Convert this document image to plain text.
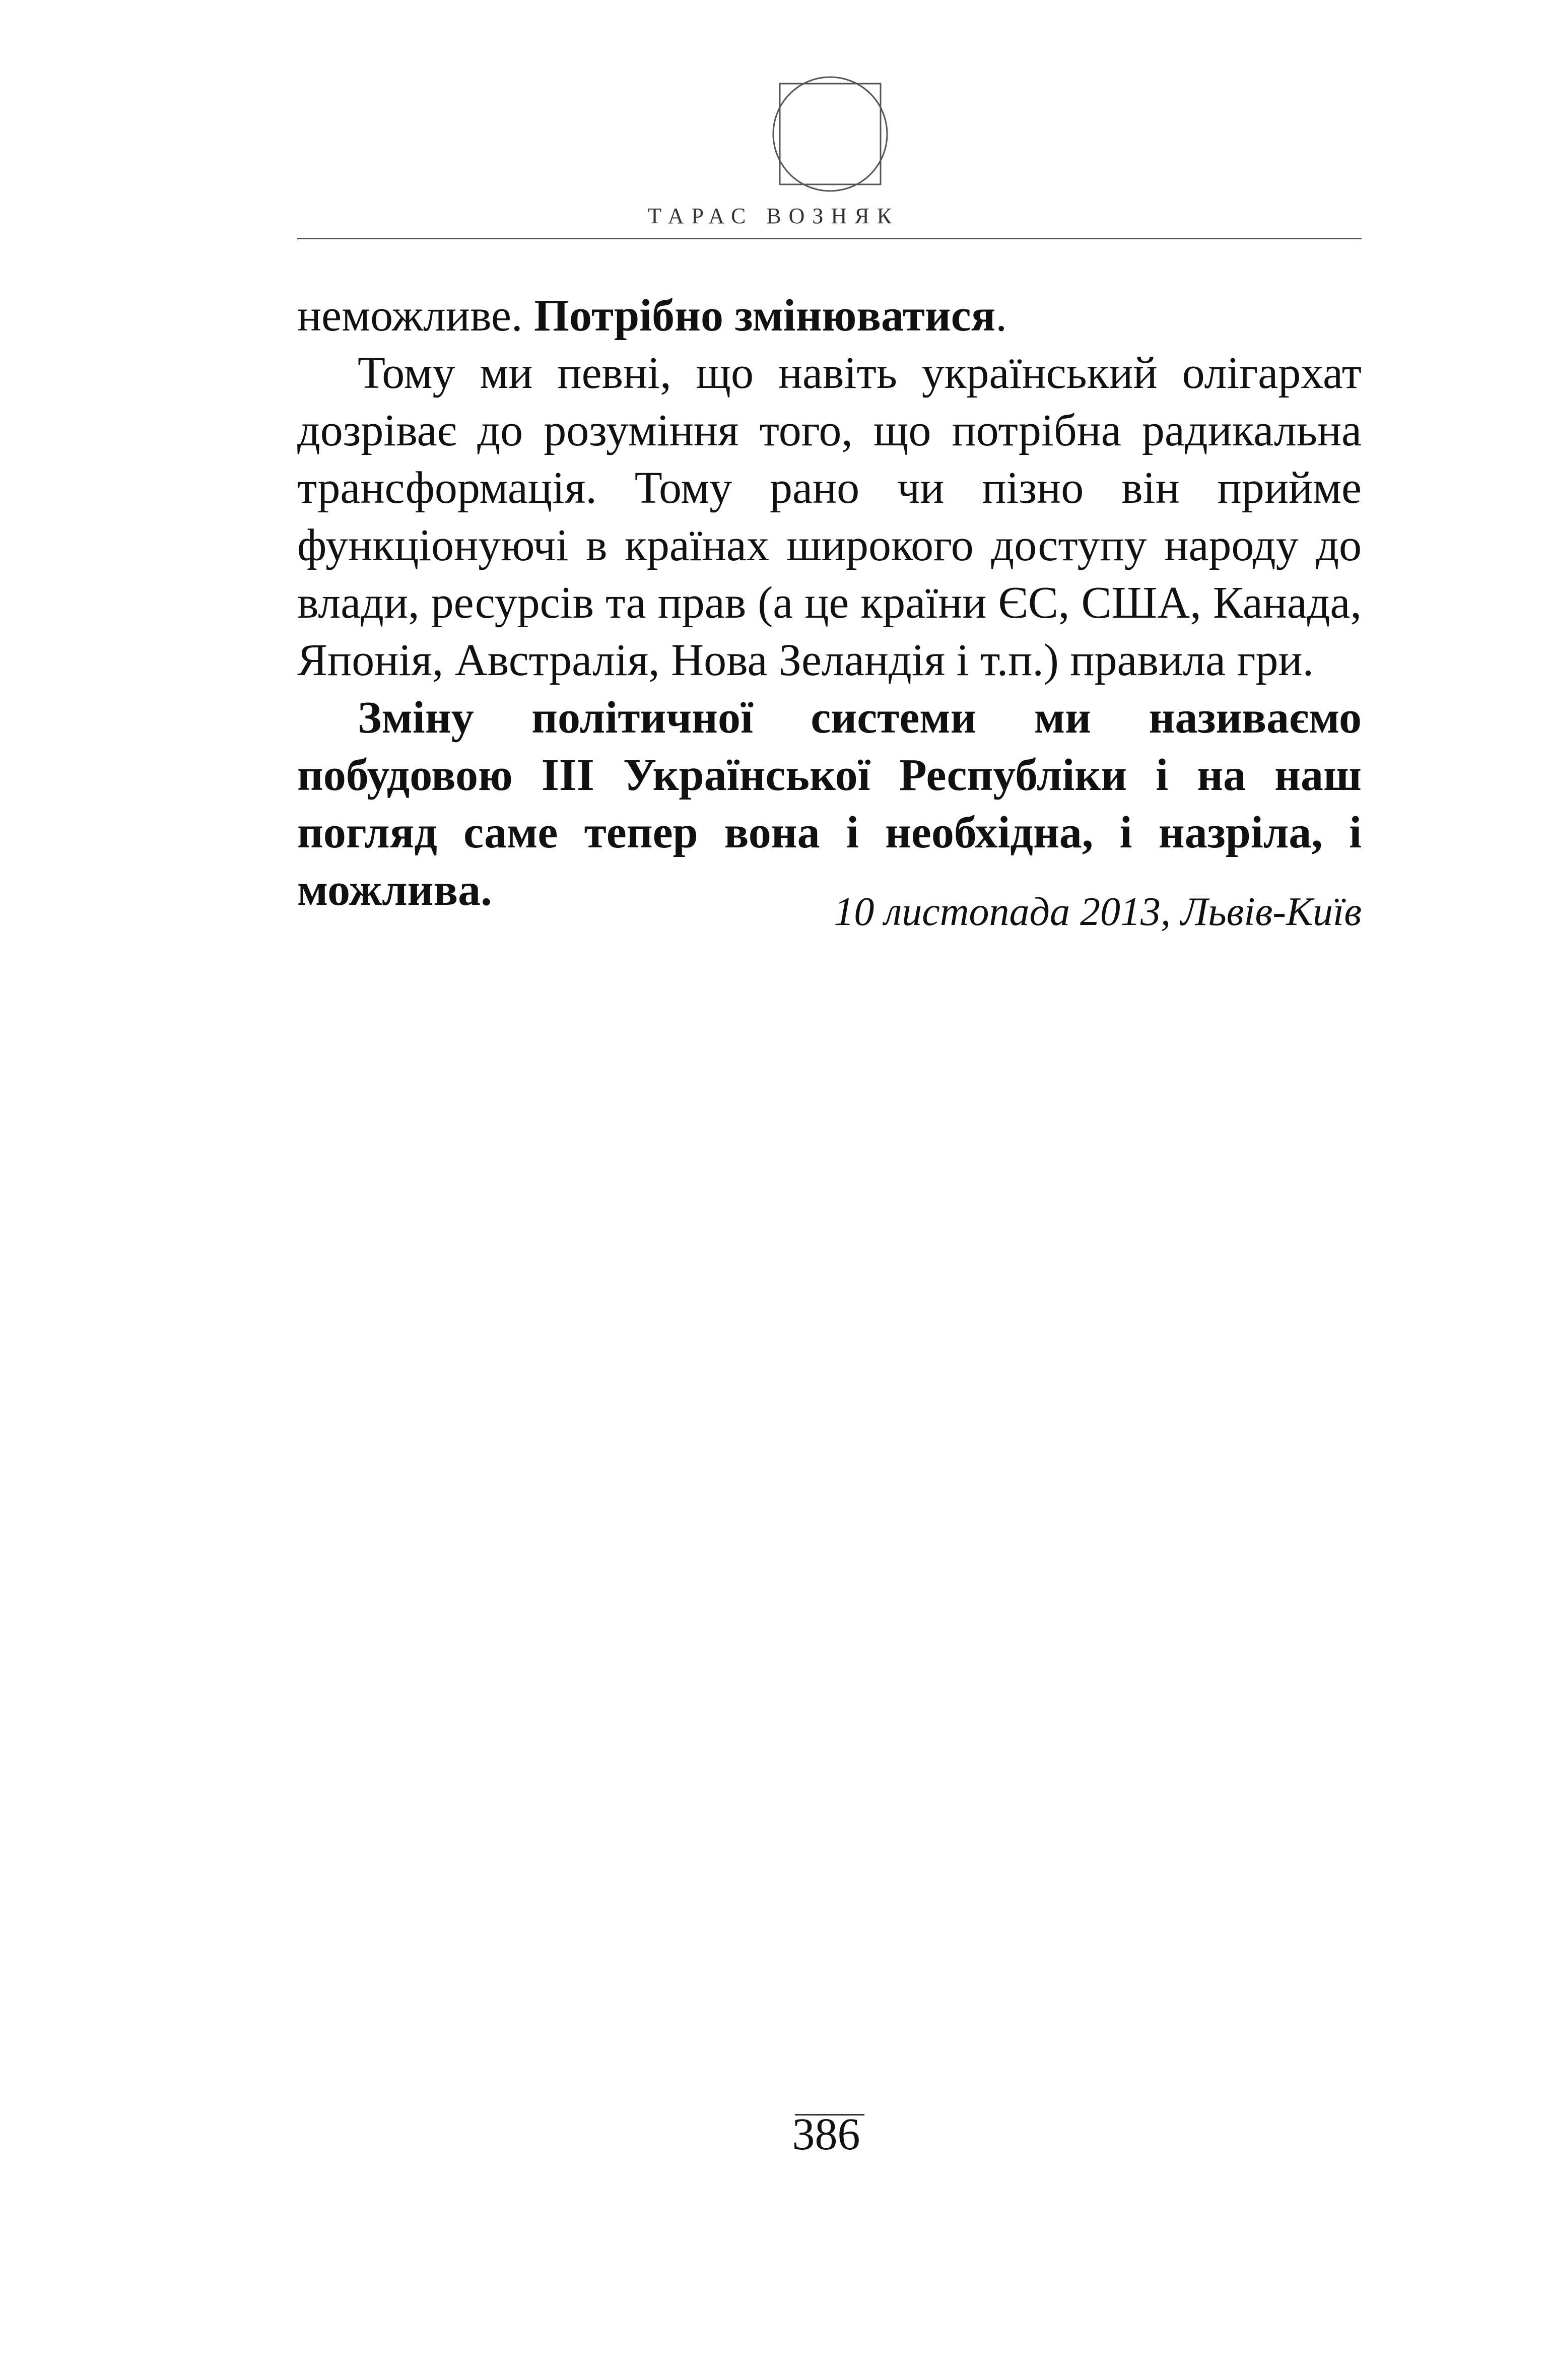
ТАРАС ВОЗНЯК

неможливе. Потрібно змінюватися.

Тому ми певні, що навіть український олігархат дозріває до розуміння того, що потрібна радикальна трансформація. Тому рано чи пізно він прийме функціонуючі в країнах широкого доступу народу до влади, ресурсів та прав (а це країни ЄС, США, Канада, Японія, Австралія, Нова Зеландія і т.п.) правила гри.

Зміну політичної системи ми називаємо побудовою ІІІ Української Республіки і на наш погляд саме тепер вона і необхідна, і назріла, і можлива.	10 листопада 2013, Львів-Київ
386
